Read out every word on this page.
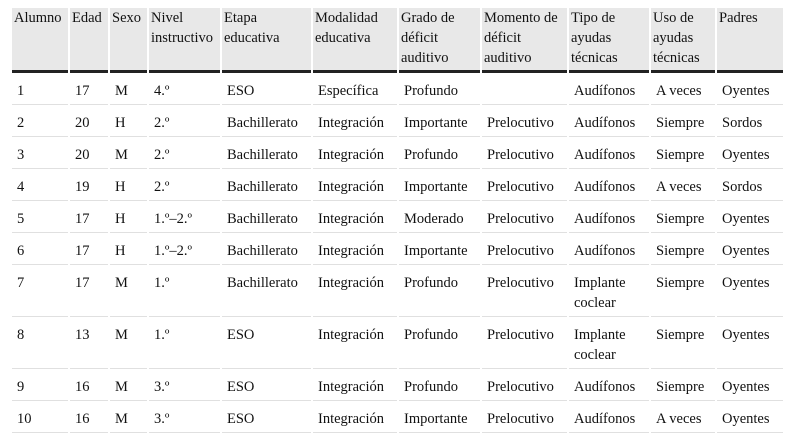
Alumno	Edad	Sexo	Nivel instructivo	Etapa educativa	Modalidad educativa	Grado de déficit auditivo	Momento de déficit auditivo	Tipo de ayudas técnicas	Uso de ayudas técnicas	Padres
1	17	M	4.º	ESO	Específica	Profundo		Audífonos	A veces	Oyentes
2	20	H	2.º	Bachillerato	Integración	Importante	Prelocutivo	Audífonos	Siempre	Sordos
3	20	M	2.º	Bachillerato	Integración	Profundo	Prelocutivo	Audífonos	Siempre	Oyentes
4	19	H	2.º	Bachillerato	Integración	Importante	Prelocutivo	Audífonos	A veces	Sordos
5	17	H	1.º–2.º	Bachillerato	Integración	Moderado	Prelocutivo	Audífonos	Siempre	Oyentes
6	17	H	1.º–2.º	Bachillerato	Integración	Importante	Prelocutivo	Audífonos	Siempre	Oyentes
7	17	M	1.º	Bachillerato	Integración	Profundo	Prelocutivo	Implante coclear	Siempre	Oyentes
8	13	M	1.º	ESO	Integración	Profundo	Prelocutivo	Implante coclear	Siempre	Oyentes
9	16	M	3.º	ESO	Integración	Profundo	Prelocutivo	Audífonos	Siempre	Oyentes
10	16	M	3.º	ESO	Integración	Importante	Prelocutivo	Audífonos	A veces	Oyentes
